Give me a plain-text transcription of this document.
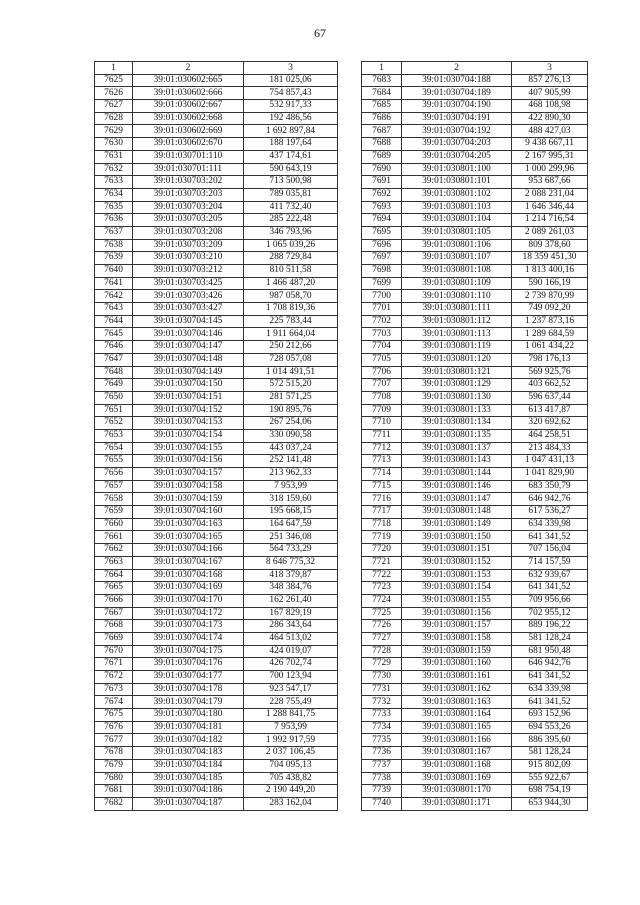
67
1	2	3
7625	39:01:030602:665	181 025,06
7626	39:01:030602:666	754 857,43
7627	39:01:030602:667	532 917,33
7628	39:01:030602:668	192 486,56
7629	39:01:030602:669	1 692 897,84
7630	39:01:030602:670	188 197,64
7631	39:01:030701:110	437 174,61
7632	39:01:030701:111	590 643,19
7633	39:01:030703:202	713 500,98
7634	39:01:030703:203	789 035,81
7635	39:01:030703:204	411 732,40
7636	39:01:030703:205	285 222,48
7637	39:01:030703:208	346 793,96
7638	39:01:030703:209	1 065 039,26
7639	39:01:030703:210	288 729,84
7640	39:01:030703:212	810 511,58
7641	39:01:030703:425	1 466 487,20
7642	39:01:030703:426	987 058,70
7643	39:01:030703:427	1 708 819,36
7644	39:01:030704:145	225 783,44
7645	39:01:030704:146	1 911 664,04
7646	39:01:030704:147	250 212,66
7647	39:01:030704:148	728 057,08
7648	39:01:030704:149	1 014 491,51
7649	39:01:030704:150	572 515,20
7650	39:01:030704:151	281 571,25
7651	39:01:030704:152	190 895,76
7652	39:01:030704:153	267 254,06
7653	39:01:030704:154	330 090,58
7654	39:01:030704:155	443 037,24
7655	39:01:030704:156	252 141,48
7656	39:01:030704:157	213 962,33
7657	39:01:030704:158	7 953,99
7658	39:01:030704:159	318 159,60
7659	39:01:030704:160	195 668,15
7660	39:01:030704:163	164 647,59
7661	39:01:030704:165	251 346,08
7662	39:01:030704:166	564 733,29
7663	39:01:030704:167	8 646 775,32
7664	39:01:030704:168	418 379,87
7665	39:01:030704:169	348 384,76
7666	39:01:030704:170	162 261,40
7667	39:01:030704:172	167 829,19
7668	39:01:030704:173	286 343,64
7669	39:01:030704:174	464 513,02
7670	39:01:030704:175	424 019,07
7671	39:01:030704:176	426 702,74
7672	39:01:030704:177	700 123,94
7673	39:01:030704:178	923 547,17
7674	39:01:030704:179	228 755,49
7675	39:01:030704:180	1 288 841,75
7676	39:01:030704:181	7 953,99
7677	39:01:030704:182	1 992 917,59
7678	39:01:030704:183	2 037 106,45
7679	39:01:030704:184	704 095,13
7680	39:01:030704:185	705 438,82
7681	39:01:030704:186	2 190 449,20
7682	39:01:030704:187	283 162,04
1	2	3
7683	39:01:030704:188	857 276,13
7684	39:01:030704:189	407 905,99
7685	39:01:030704:190	468 108,98
7686	39:01:030704:191	422 890,30
7687	39:01:030704:192	488 427,03
7688	39:01:030704:203	9 438 667,11
7689	39:01:030704:205	2 167 995,31
7690	39:01:030801:100	1 000 299,96
7691	39:01:030801:101	953 687,66
7692	39:01:030801:102	2 088 231,04
7693	39:01:030801:103	1 646 346,44
7694	39:01:030801:104	1 214 716,54
7695	39:01:030801:105	2 089 261,03
7696	39:01:030801:106	809 378,60
7697	39:01:030801:107	18 359 451,30
7698	39:01:030801:108	1 813 400,16
7699	39:01:030801:109	590 166,19
7700	39:01:030801:110	2 739 870,99
7701	39:01:030801:111	749 092,20
7702	39:01:030801:112	1 237 873,16
7703	39:01:030801:113	1 289 684,59
7704	39:01:030801:119	1 061 434,22
7705	39:01:030801:120	798 176,13
7706	39:01:030801:121	569 925,76
7707	39:01:030801:129	403 662,52
7708	39:01:030801:130	596 637,44
7709	39:01:030801:133	613 417,87
7710	39:01:030801:134	320 692,62
7711	39:01:030801:135	464 258,51
7712	39:01:030801:137	213 484,33
7713	39:01:030801:143	1 047 431,13
7714	39:01:030801:144	1 041 829,90
7715	39:01:030801:146	683 350,79
7716	39:01:030801:147	646 942,76
7717	39:01:030801:148	617 536,27
7718	39:01:030801:149	634 339,98
7719	39:01:030801:150	641 341,52
7720	39:01:030801:151	707 156,04
7721	39:01:030801:152	714 157,59
7722	39:01:030801:153	632 939,67
7723	39:01:030801:154	641 341,52
7724	39:01:030801:155	709 956,66
7725	39:01:030801:156	702 955,12
7726	39:01:030801:157	889 196,22
7727	39:01:030801:158	581 128,24
7728	39:01:030801:159	681 950,48
7729	39:01:030801:160	646 942,76
7730	39:01:030801:161	641 341,52
7731	39:01:030801:162	634 339,98
7732	39:01:030801:163	641 341,52
7733	39:01:030801:164	693 152,96
7734	39:01:030801:165	694 553,26
7735	39:01:030801:166	886 395,60
7736	39:01:030801:167	581 128,24
7737	39:01:030801:168	915 802,09
7738	39:01:030801:169	555 922,67
7739	39:01:030801:170	698 754,19
7740	39:01:030801:171	653 944,30
